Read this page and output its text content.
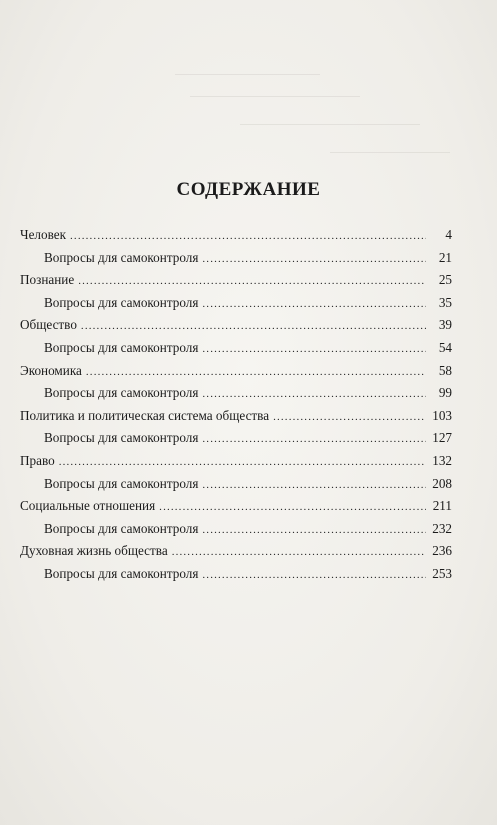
СОДЕРЖАНИЕ
Человек . . .	4
Вопросы для самоконтроля . . .	21
Познание . . .	25
Вопросы для самоконтроля . . .	35
Общество . . .	39
Вопросы для самоконтроля . . .	54
Экономика . . .	58
Вопросы для самоконтроля . . .	99
Политика и политическая система общества . . .	103
Вопросы для самоконтроля . . .	127
Право . . .	132
Вопросы для самоконтроля . . .	208
Социальные отношения . . .	211
Вопросы для самоконтроля . . .	232
Духовная жизнь общества . . .	236
Вопросы для самоконтроля . . .	253
